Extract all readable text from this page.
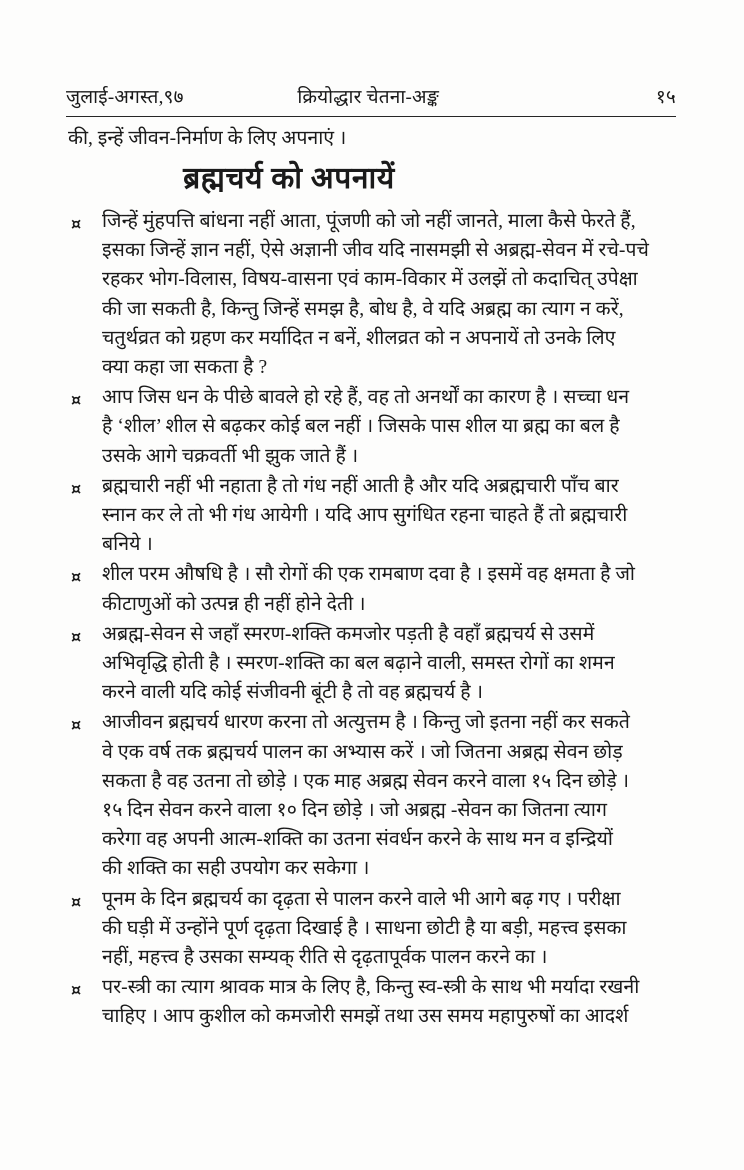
जुलाई-अगस्त,९७	क्रियोद्धार चेतना-अङ्क	१५

की, इन्हें जीवन-निर्माण के लिए अपनाएं ।

ब्रह्मचर्य को अपनायें
¤ जिन्हें मुंहपत्ति बांधना नहीं आता, पूंजणी को जो नहीं जानते, माला कैसे फेरते हैं,
इसका जिन्हें ज्ञान नहीं, ऐसे अज्ञानी जीव यदि नासमझी से अब्रह्म-सेवन में रचे-पचे
रहकर भोग-विलास, विषय-वासना एवं काम-विकार में उलझें तो कदाचित् उपेक्षा
की जा सकती है, किन्तु जिन्हें समझ है, बोध है, वे यदि अब्रह्म का त्याग न करें,
चतुर्थव्रत को ग्रहण कर मर्यादित न बनें, शीलव्रत को न अपनायें तो उनके लिए
क्या कहा जा सकता है ?
¤ आप जिस धन के पीछे बावले हो रहे हैं, वह तो अनर्थों का कारण है । सच्चा धन
है ‘शील’ शील से बढ़कर कोई बल नहीं । जिसके पास शील या ब्रह्म का बल है
उसके आगे चक्रवर्ती भी झुक जाते हैं ।
¤ ब्रह्मचारी नहीं भी नहाता है तो गंध नहीं आती है और यदि अब्रह्मचारी पाँच बार
स्नान कर ले तो भी गंध आयेगी । यदि आप सुगंधित रहना चाहते हैं तो ब्रह्मचारी
बनिये ।
¤ शील परम औषधि है । सौ रोगों की एक रामबाण दवा है । इसमें वह क्षमता है जो
कीटाणुओं को उत्पन्न ही नहीं होने देती ।
¤ अब्रह्म-सेवन से जहाँ स्मरण-शक्ति कमजोर पड़ती है वहाँ ब्रह्मचर्य से उसमें
अभिवृद्धि होती है । स्मरण-शक्ति का बल बढ़ाने वाली, समस्त रोगों का शमन
करने वाली यदि कोई संजीवनी बूंटी है तो वह ब्रह्मचर्य है ।
¤ आजीवन ब्रह्मचर्य धारण करना तो अत्युत्तम है । किन्तु जो इतना नहीं कर सकते
वे एक वर्ष तक ब्रह्मचर्य पालन का अभ्यास करें । जो जितना अब्रह्म सेवन छोड़
सकता है वह उतना तो छोड़े । एक माह अब्रह्म सेवन करने वाला १५ दिन छोड़े ।
१५ दिन सेवन करने वाला १० दिन छोड़े । जो अब्रह्म -सेवन का जितना त्याग
करेगा वह अपनी आत्म-शक्ति का उतना संवर्धन करने के साथ मन व इन्द्रियों
की शक्ति का सही उपयोग कर सकेगा ।
¤ पूनम के दिन ब्रह्मचर्य का दृढ़ता से पालन करने वाले भी आगे बढ़ गए । परीक्षा
की घड़ी में उन्होंने पूर्ण दृढ़ता दिखाई है । साधना छोटी है या बड़ी, महत्त्व इसका
नहीं, महत्त्व है उसका सम्यक् रीति से दृढ़तापूर्वक पालन करने का ।
¤ पर-स्त्री का त्याग श्रावक मात्र के लिए है, किन्तु स्व-स्त्री के साथ भी मर्यादा रखनी
चाहिए । आप कुशील को कमजोरी समझें तथा उस समय महापुरुषों का आदर्श
